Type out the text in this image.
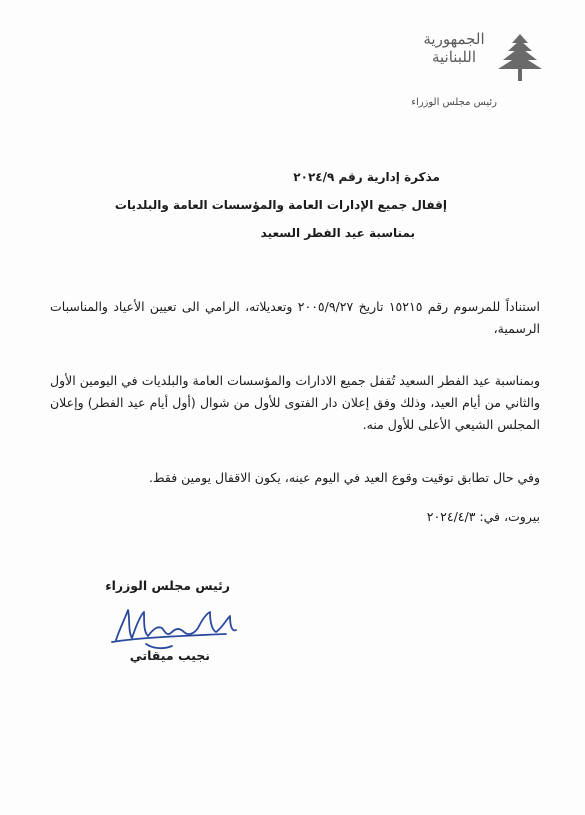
الجمهورية
اللبنانية
رئيس مجلس الوزراء
مذكرة إدارية رقم ٢٠٢٤/٩
إقفال جميع الإدارات العامة والمؤسسات العامة والبلديات
بمناسبة عيد الفطر السعيد
استناداً للمرسوم رقم ١٥٢١٥ تاريخ ٢٠٠٥/٩/٢٧ وتعديلاته، الرامي الى تعيين الأعياد والمناسبات الرسمية،
وبمناسبة عيد الفطر السعيد تُقفل جميع الادارات والمؤسسات العامة والبلديات في اليومين الأول والثاني من أيام العيد، وذلك وفق إعلان دار الفتوى للأول من شوال (أول أيام عيد الفطر) وإعلان المجلس الشيعي الأعلى للأول منه.
وفي حال تطابق توقيت وقوع العيد في اليوم عينه، يكون الاقفال يومين فقط.
بيروت، في: ٢٠٢٤/٤/٣
رئيس مجلس الوزراء
نجيب ميقاتي
